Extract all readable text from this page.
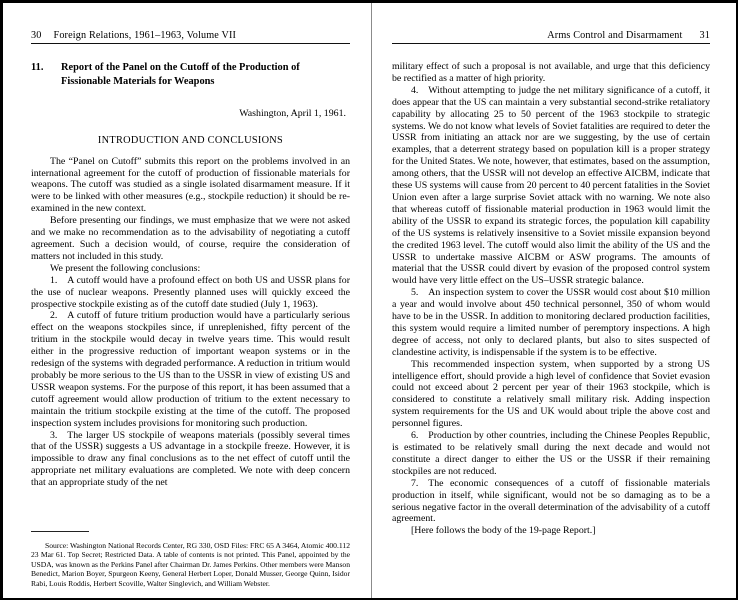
30 Foreign Relations, 1961–1963, Volume VII
11.	Report of the Panel on the Cutoff of the Production of Fissionable Materials for Weapons
Washington, April 1, 1961.
INTRODUCTION AND CONCLUSIONS

The “Panel on Cutoff” submits this report on the problems involved in an international agreement for the cutoff of production of fissionable materials for weapons. The cutoff was studied as a single isolated disarmament measure. If it were to be linked with other measures (e.g., stockpile reduction) it should be re-examined in the new context.

Before presenting our findings, we must emphasize that we were not asked and we make no recommendation as to the advisability of negotiating a cutoff agreement. Such a decision would, of course, require the consideration of matters not included in this study.

We present the following conclusions:

1. A cutoff would have a profound effect on both US and USSR plans for the use of nuclear weapons. Presently planned uses will quickly exceed the prospective stockpile existing as of the cutoff date studied (July 1, 1963).

2. A cutoff of future tritium production would have a particularly serious effect on the weapons stockpiles since, if unreplenished, fifty percent of the tritium in the stockpile would decay in twelve years time. This would result either in the progressive reduction of important weapon systems or in the redesign of the systems with degraded performance. A reduction in tritium would probably be more serious to the US than to the USSR in view of existing US and USSR weapon systems. For the purpose of this report, it has been assumed that a cutoff agreement would allow production of tritium to the extent necessary to maintain the tritium stockpile existing at the time of the cutoff. The proposed inspection system includes provisions for monitoring such production.

3. The larger US stockpile of weapons materials (possibly several times that of the USSR) suggests a US advantage in a stockpile freeze. However, it is impossible to draw any final conclusions as to the net effect of cutoff until the appropriate net military evaluations are completed. We note with deep concern that an appropriate study of the net

Source: Washington National Records Center, RG 330, OSD Files: FRC 65 A 3464, Atomic 400.112 23 Mar 61. Top Secret; Restricted Data. A table of contents is not printed. This Panel, appointed by the USDA, was known as the Perkins Panel after Chairman Dr. James Perkins. Other members were Manson Benedict, Marion Boyer, Spurgeon Keeny, General Herbert Loper, Donald Musser, George Quinn, Isidor Rabi, Louis Roddis, Herbert Scoville, Walter Singlevich, and William Webster.

Arms Control and Disarmament 31

military effect of such a proposal is not available, and urge that this deficiency be rectified as a matter of high priority.

4. Without attempting to judge the net military significance of a cutoff, it does appear that the US can maintain a very substantial second-strike retaliatory capability by allocating 25 to 50 percent of the 1963 stockpile to strategic systems. We do not know what levels of Soviet fatalities are required to deter the USSR from initiating an attack nor are we suggesting, by the use of certain examples, that a deterrent strategy based on population kill is a proper strategy for the United States. We note, however, that estimates, based on the assumption, among others, that the USSR will not develop an effective AICBM, indicate that these US systems will cause from 20 percent to 40 percent fatalities in the Soviet Union even after a large surprise Soviet attack with no warning. We note also that whereas cutoff of fissionable material production in 1963 would limit the ability of the USSR to expand its strategic forces, the population kill capability of the US systems is relatively insensitive to a Soviet missile expansion beyond the credited 1963 level. The cutoff would also limit the ability of the US and the USSR to undertake massive AICBM or ASW programs. The amounts of material that the USSR could divert by evasion of the proposed control system would have very little effect on the US–USSR strategic balance.

5. An inspection system to cover the USSR would cost about $10 million a year and would involve about 450 technical personnel, 350 of whom would have to be in the USSR. In addition to monitoring declared production facilities, this system would require a limited number of peremptory inspections. A high degree of access, not only to declared plants, but also to sites suspected of clandestine activity, is indispensable if the system is to be effective.

This recommended inspection system, when supported by a strong US intelligence effort, should provide a high level of confidence that Soviet evasion could not exceed about 2 percent per year of their 1963 stockpile, which is considered to constitute a relatively small military risk. Adding inspection system requirements for the US and UK would about triple the above cost and personnel figures.

6. Production by other countries, including the Chinese Peoples Republic, is estimated to be relatively small during the next decade and would not constitute a direct danger to either the US or the USSR if their remaining stockpiles are not reduced.

7. The economic consequences of a cutoff of fissionable materials production in itself, while significant, would not be so damaging as to be a serious negative factor in the overall determination of the advisability of a cutoff agreement.

[Here follows the body of the 19-page Report.]
